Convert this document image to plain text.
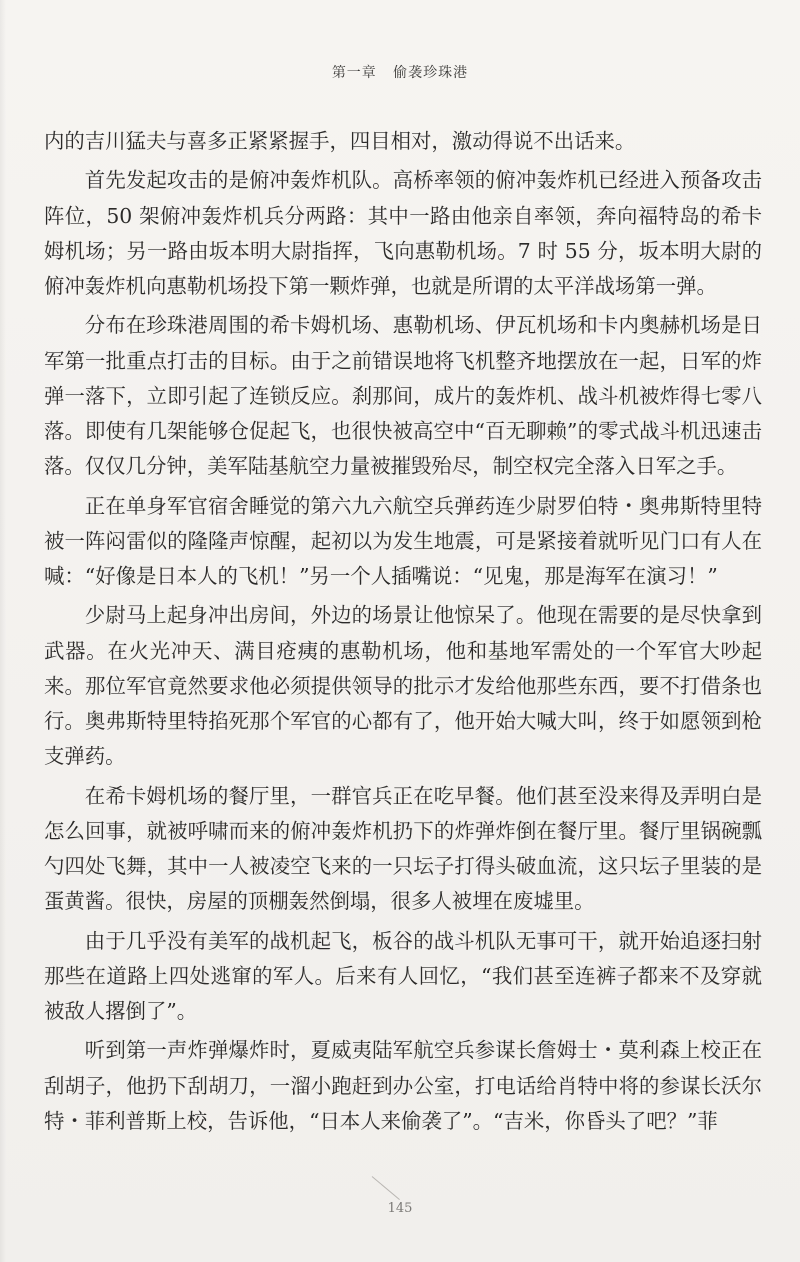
第一章 偷袭珍珠港

内的吉川猛夫与喜多正紧紧握手，四目相对，激动得说不出话来。

首先发起攻击的是俯冲轰炸机队。高桥率领的俯冲轰炸机已经进入预备攻击阵位，50 架俯冲轰炸机兵分两路：其中一路由他亲自率领，奔向福特岛的希卡姆机场；另一路由坂本明大尉指挥，飞向惠勒机场。7 时 55 分，坂本明大尉的俯冲轰炸机向惠勒机场投下第一颗炸弹，也就是所谓的太平洋战场第一弹。

分布在珍珠港周围的希卡姆机场、惠勒机场、伊瓦机场和卡内奥赫机场是日军第一批重点打击的目标。由于之前错误地将飞机整齐地摆放在一起，日军的炸弹一落下，立即引起了连锁反应。刹那间，成片的轰炸机、战斗机被炸得七零八落。即使有几架能够仓促起飞，也很快被高空中“百无聊赖”的零式战斗机迅速击落。仅仅几分钟，美军陆基航空力量被摧毁殆尽，制空权完全落入日军之手。

正在单身军官宿舍睡觉的第六九六航空兵弹药连少尉罗伯特・奥弗斯特里特被一阵闷雷似的隆隆声惊醒，起初以为发生地震，可是紧接着就听见门口有人在喊：“好像是日本人的飞机！”另一个人插嘴说：“见鬼，那是海军在演习！”

少尉马上起身冲出房间，外边的场景让他惊呆了。他现在需要的是尽快拿到武器。在火光冲天、满目疮痍的惠勒机场，他和基地军需处的一个军官大吵起来。那位军官竟然要求他必须提供领导的批示才发给他那些东西，要不打借条也行。奥弗斯特里特掐死那个军官的心都有了，他开始大喊大叫，终于如愿领到枪支弹药。

在希卡姆机场的餐厅里，一群官兵正在吃早餐。他们甚至没来得及弄明白是怎么回事，就被呼啸而来的俯冲轰炸机扔下的炸弹炸倒在餐厅里。餐厅里锅碗瓢勺四处飞舞，其中一人被凌空飞来的一只坛子打得头破血流，这只坛子里装的是蛋黄酱。很快，房屋的顶棚轰然倒塌，很多人被埋在废墟里。

由于几乎没有美军的战机起飞，板谷的战斗机队无事可干，就开始追逐扫射那些在道路上四处逃窜的军人。后来有人回忆，“我们甚至连裤子都来不及穿就被敌人撂倒了”。

听到第一声炸弹爆炸时，夏威夷陆军航空兵参谋长詹姆士・莫利森上校正在刮胡子，他扔下刮胡刀，一溜小跑赶到办公室，打电话给肖特中将的参谋长沃尔特・菲利普斯上校，告诉他，“日本人来偷袭了”。“吉米，你昏头了吧？”菲

145
